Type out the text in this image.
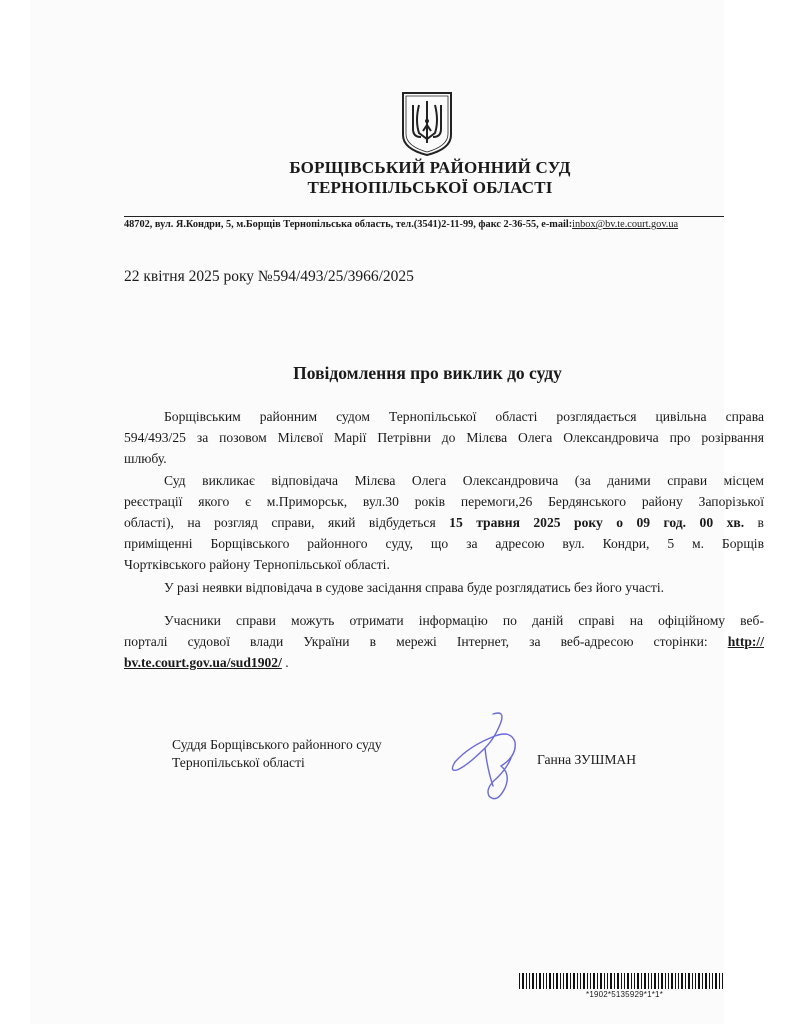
БОРЩІВСЬКИЙ РАЙОННИЙ СУД
ТЕРНОПІЛЬСЬКОЇ ОБЛАСТІ
48702, вул. Я.Кондри, 5, м.Борщів Тернопільська область, тел.(3541)2-11-99, факс 2-36-55, e-mail:inbox@bv.te.court.gov.ua
22 квітня 2025 року №594/493/25/3966/2025
Повідомлення про виклик до суду
Борщівським районним судом Тернопільської області розглядається цивільна справа
594/493/25 за позовом Мілєвої Марії Петрівни до Мілєва Олега Олександровича про розірвання
шлюбу.
Суд викликає відповідача Мілєва Олега Олександровича (за даними справи місцем
реєстрації якого є м.Приморськ, вул.30 років перемоги,26 Бердянського району Запорізької
області), на розгляд справи, який відбудеться 15 травня 2025 року о 09 год. 00 хв. в
приміщенні Борщівського районного суду, що за адресою вул. Кондри, 5 м. Борщів
Чортківського району Тернопільської області.
У разі неявки відповідача в судове засідання справа буде розглядатись без його участі.
Учасники справи можуть отримати інформацію по даній справі на офіційному веб-
порталі судової влади України в мережі Інтернет, за веб-адресою сторінки: http://
bv.te.court.gov.ua/sud1902/ .
Суддя Борщівського районного суду
Тернопільської області	Ганна ЗУШМАН
*1902*5135929*1*1*
